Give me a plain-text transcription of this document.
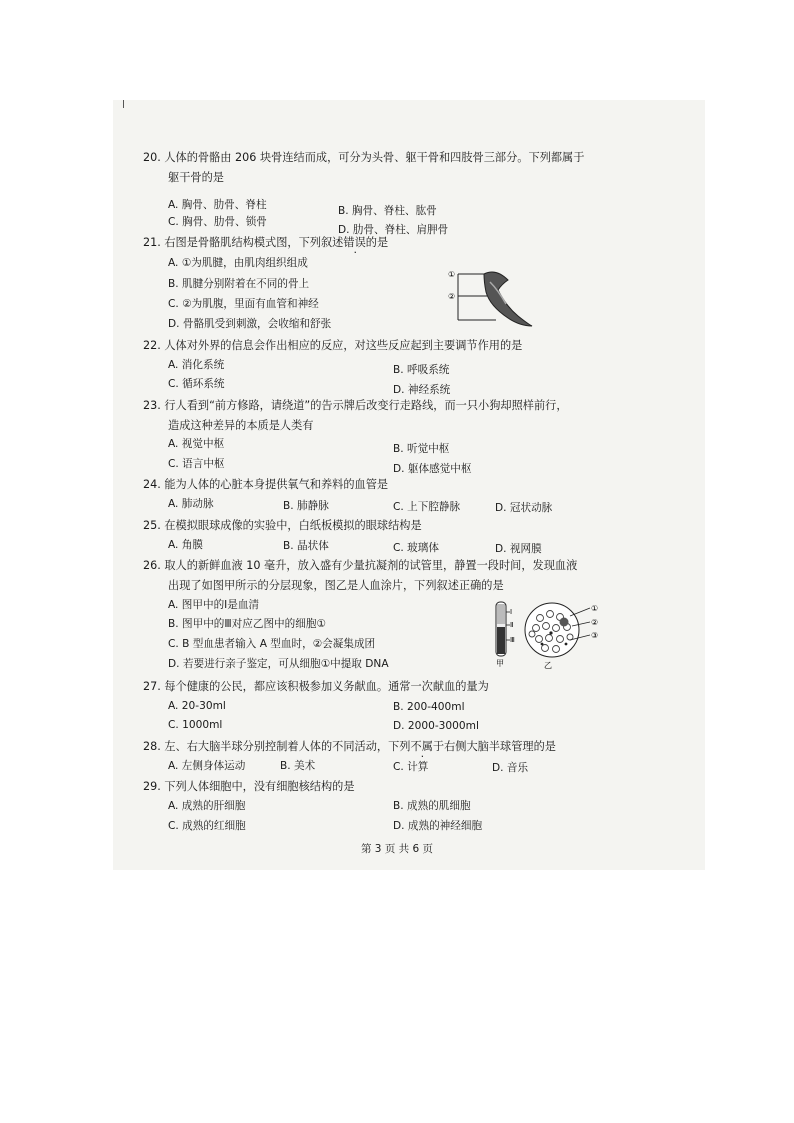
20. 人体的骨骼由 206 块骨连结而成，可分为头骨、躯干骨和四肢骨三部分。下列都属于
躯干骨的是
A. 胸骨、肋骨、脊柱	B. 胸骨、脊柱、肱骨
C. 胸骨、肋骨、锁骨
D. 肋骨、脊柱、肩胛骨
21. 右图是骨骼肌结构模式图，下列叙述错误的是
A. ①为肌腱，由肌肉组织组成
B. 肌腱分别附着在不同的骨上
C. ②为肌腹，里面有血管和神经
D. 骨骼肌受到刺激，会收缩和舒张
①
②
22. 人体对外界的信息会作出相应的反应，对这些反应起到主要调节作用的是
A. 消化系统	B. 呼吸系统
C. 循环系统	D. 神经系统
23. 行人看到“前方修路，请绕道”的告示牌后改变行走路线，而一只小狗却照样前行，
造成这种差异的本质是人类有
A. 视觉中枢	B. 听觉中枢
C. 语言中枢	D. 躯体感觉中枢
24. 能为人体的心脏本身提供氧气和养料的血管是
A. 肺动脉	B. 肺静脉	C. 上下腔静脉	D. 冠状动脉
25. 在模拟眼球成像的实验中，白纸板模拟的眼球结构是
A. 角膜	B. 晶状体	C. 玻璃体	D. 视网膜
26. 取人的新鲜血液 10 毫升，放入盛有少量抗凝剂的试管里，静置一段时间，发现血液
出现了如图甲所示的分层现象，图乙是人血涂片，下列叙述正确的是
A. 图甲中的Ⅰ是血清
B. 图甲中的Ⅲ对应乙图中的细胞①
C. B 型血患者输入 A 型血时，②会凝集成团
D. 若要进行亲子鉴定，可从细胞①中提取 DNA
Ⅰ
Ⅱ
Ⅲ
甲
①
②
③
乙
27. 每个健康的公民，都应该积极参加义务献血。通常一次献血的量为
A. 20-30ml	B. 200-400ml
C. 1000ml	D. 2000-3000ml
28. 左、右大脑半球分别控制着人体的不同活动，下列不属于右侧大脑半球管理的是
A. 左侧身体运动	B. 美术	C. 计算	D. 音乐
29. 下列人体细胞中，没有细胞核结构的是
A. 成熟的肝细胞	B. 成熟的肌细胞
C. 成熟的红细胞	D. 成熟的神经细胞
第 3 页 共 6 页
